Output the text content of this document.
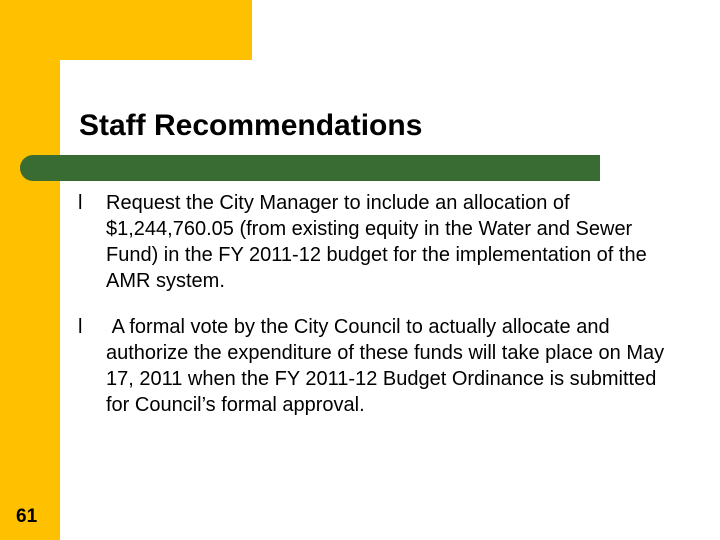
Staff Recommendations
l Request the City Manager to include an allocation of $1,244,760.05 (from existing equity in the Water and Sewer Fund) in the FY 2011-12 budget for the implementation of the AMR system.
l A formal vote by the City Council to actually allocate and authorize the expenditure of these funds will take place on May 17, 2011 when the FY 2011-12 Budget Ordinance is submitted for Council’s formal approval.
61
